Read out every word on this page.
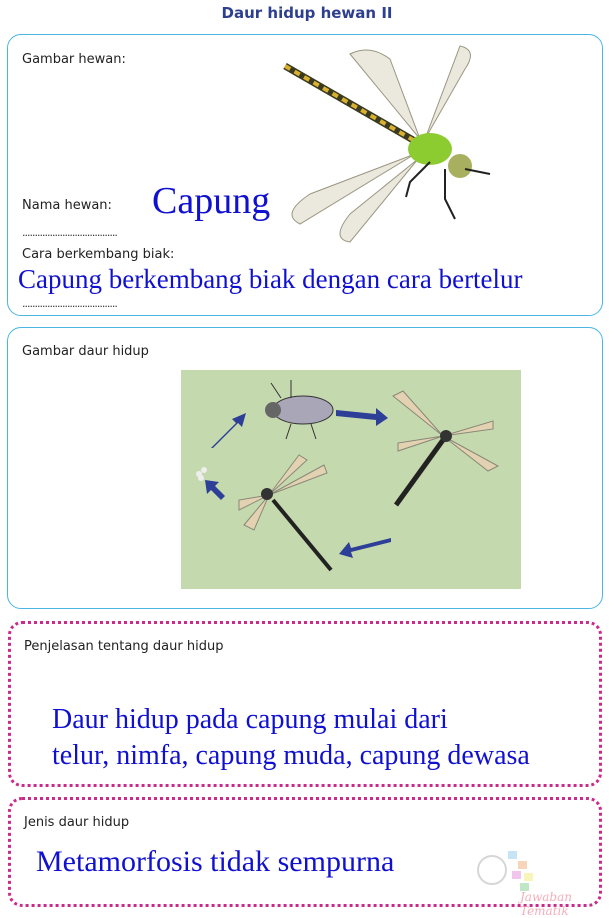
Daur hidup hewan II
Gambar hewan:
Nama hewan: Capung
......................................
Cara berkembang biak:
Capung berkembang biak dengan cara bertelur
......................................
Gambar daur hidup
Penjelasan tentang daur hidup
Daur hidup pada capung mulai dari
telur, nimfa, capung muda, capung dewasa
Jenis daur hidup
Metamorfosis tidak sempurna
Jawaban Tematik
